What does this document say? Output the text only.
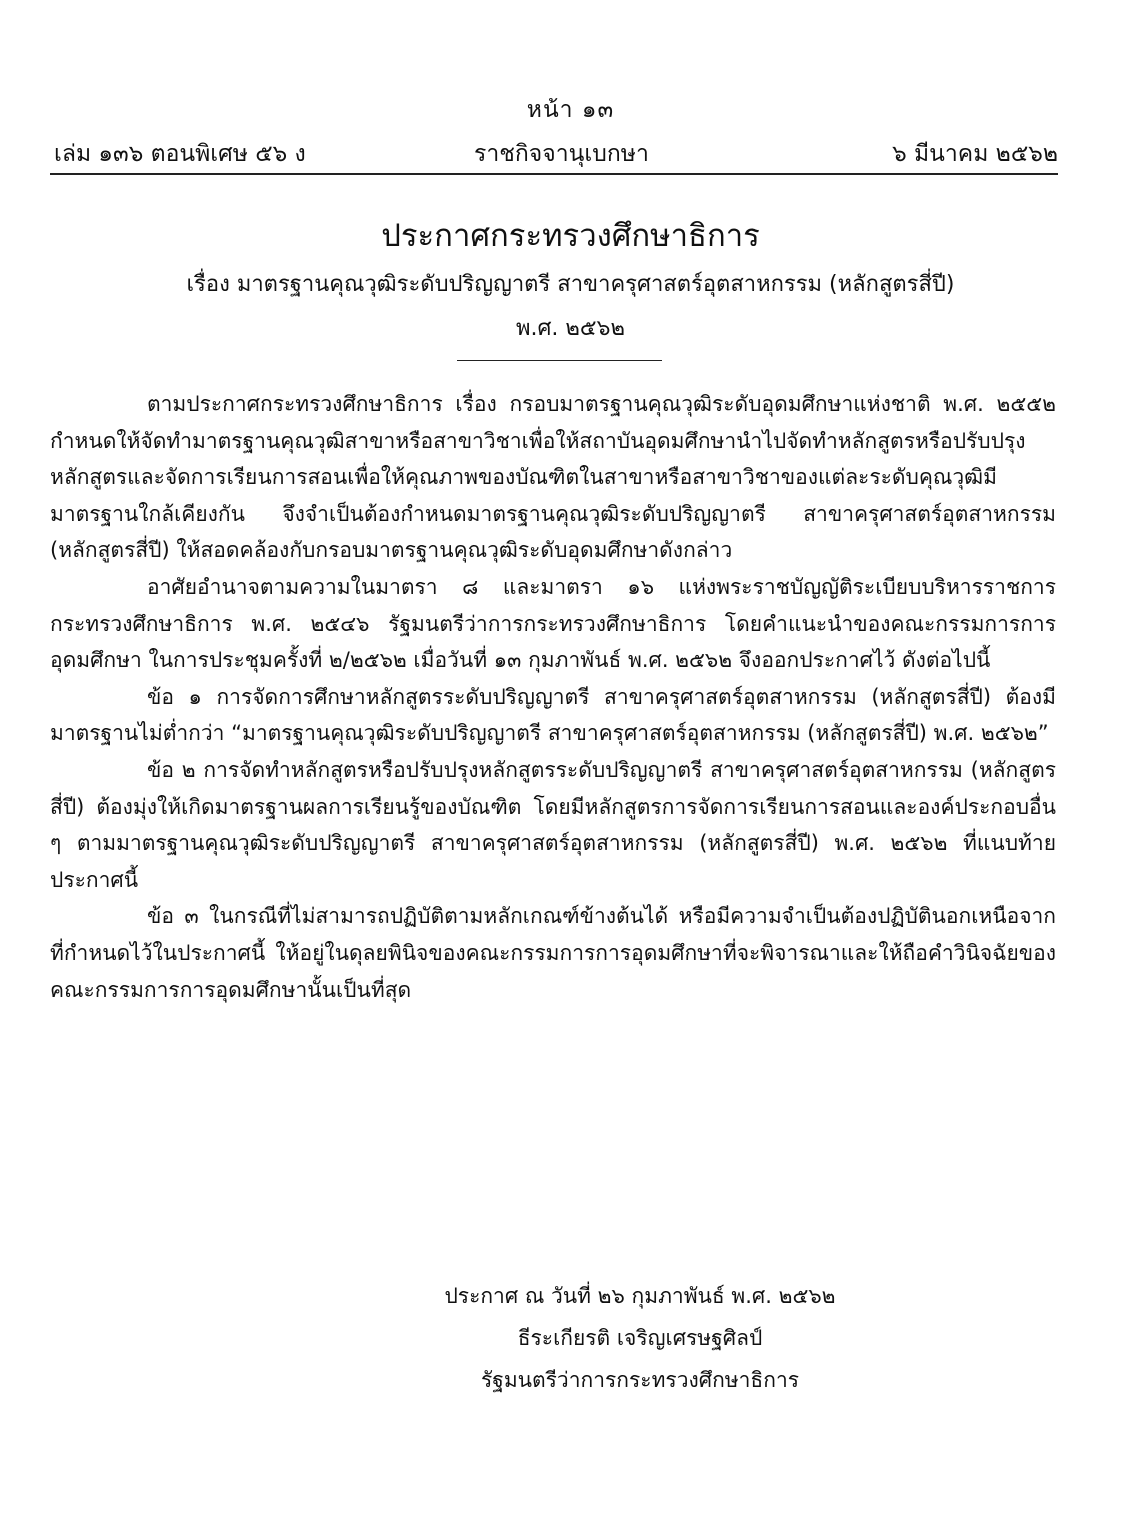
หน้า ๑๓
เล่ม ๑๓๖ ตอนพิเศษ ๕๖ ง	ราชกิจจานุเบกษา	๖ มีนาคม ๒๕๖๒
ประกาศกระทรวงศึกษาธิการ
เรื่อง มาตรฐานคุณวุฒิระดับปริญญาตรี สาขาครุศาสตร์อุตสาหกรรม (หลักสูตรสี่ปี)
พ.ศ. ๒๕๖๒

ตามประกาศกระทรวงศึกษาธิการ เรื่อง กรอบมาตรฐานคุณวุฒิระดับอุดมศึกษาแห่งชาติ พ.ศ. ๒๕๕๒ กำหนดให้จัดทำมาตรฐานคุณวุฒิสาขาหรือสาขาวิชาเพื่อให้สถาบันอุดมศึกษานำไปจัดทำหลักสูตรหรือปรับปรุงหลักสูตรและจัดการเรียนการสอนเพื่อให้คุณภาพของบัณฑิตในสาขาหรือสาขาวิชาของแต่ละระดับคุณวุฒิมีมาตรฐานใกล้เคียงกัน จึงจำเป็นต้องกำหนดมาตรฐานคุณวุฒิระดับปริญญาตรี สาขาครุศาสตร์อุตสาหกรรม (หลักสูตรสี่ปี) ให้สอดคล้องกับกรอบมาตรฐานคุณวุฒิระดับอุดมศึกษาดังกล่าว

อาศัยอำนาจตามความในมาตรา ๘ และมาตรา ๑๖ แห่งพระราชบัญญัติระเบียบบริหารราชการกระทรวงศึกษาธิการ พ.ศ. ๒๕๔๖ รัฐมนตรีว่าการกระทรวงศึกษาธิการ โดยคำแนะนำของคณะกรรมการการอุดมศึกษา ในการประชุมครั้งที่ ๒/๒๕๖๒ เมื่อวันที่ ๑๓ กุมภาพันธ์ พ.ศ. ๒๕๖๒ จึงออกประกาศไว้ ดังต่อไปนี้

ข้อ ๑ การจัดการศึกษาหลักสูตรระดับปริญญาตรี สาขาครุศาสตร์อุตสาหกรรม (หลักสูตรสี่ปี) ต้องมีมาตรฐานไม่ต่ำกว่า “มาตรฐานคุณวุฒิระดับปริญญาตรี สาขาครุศาสตร์อุตสาหกรรม (หลักสูตรสี่ปี) พ.ศ. ๒๕๖๒”

ข้อ ๒ การจัดทำหลักสูตรหรือปรับปรุงหลักสูตรระดับปริญญาตรี สาขาครุศาสตร์อุตสาหกรรม (หลักสูตรสี่ปี) ต้องมุ่งให้เกิดมาตรฐานผลการเรียนรู้ของบัณฑิต โดยมีหลักสูตรการจัดการเรียนการสอนและองค์ประกอบอื่น ๆ ตามมาตรฐานคุณวุฒิระดับปริญญาตรี สาขาครุศาสตร์อุตสาหกรรม (หลักสูตรสี่ปี) พ.ศ. ๒๕๖๒ ที่แนบท้ายประกาศนี้

ข้อ ๓ ในกรณีที่ไม่สามารถปฏิบัติตามหลักเกณฑ์ข้างต้นได้ หรือมีความจำเป็นต้องปฏิบัตินอกเหนือจากที่กำหนดไว้ในประกาศนี้ ให้อยู่ในดุลยพินิจของคณะกรรมการการอุดมศึกษาที่จะพิจารณาและให้ถือคำวินิจฉัยของคณะกรรมการการอุดมศึกษานั้นเป็นที่สุด

ประกาศ ณ วันที่ ๒๖ กุมภาพันธ์ พ.ศ. ๒๕๖๒
ธีระเกียรติ เจริญเศรษฐศิลป์
รัฐมนตรีว่าการกระทรวงศึกษาธิการ
